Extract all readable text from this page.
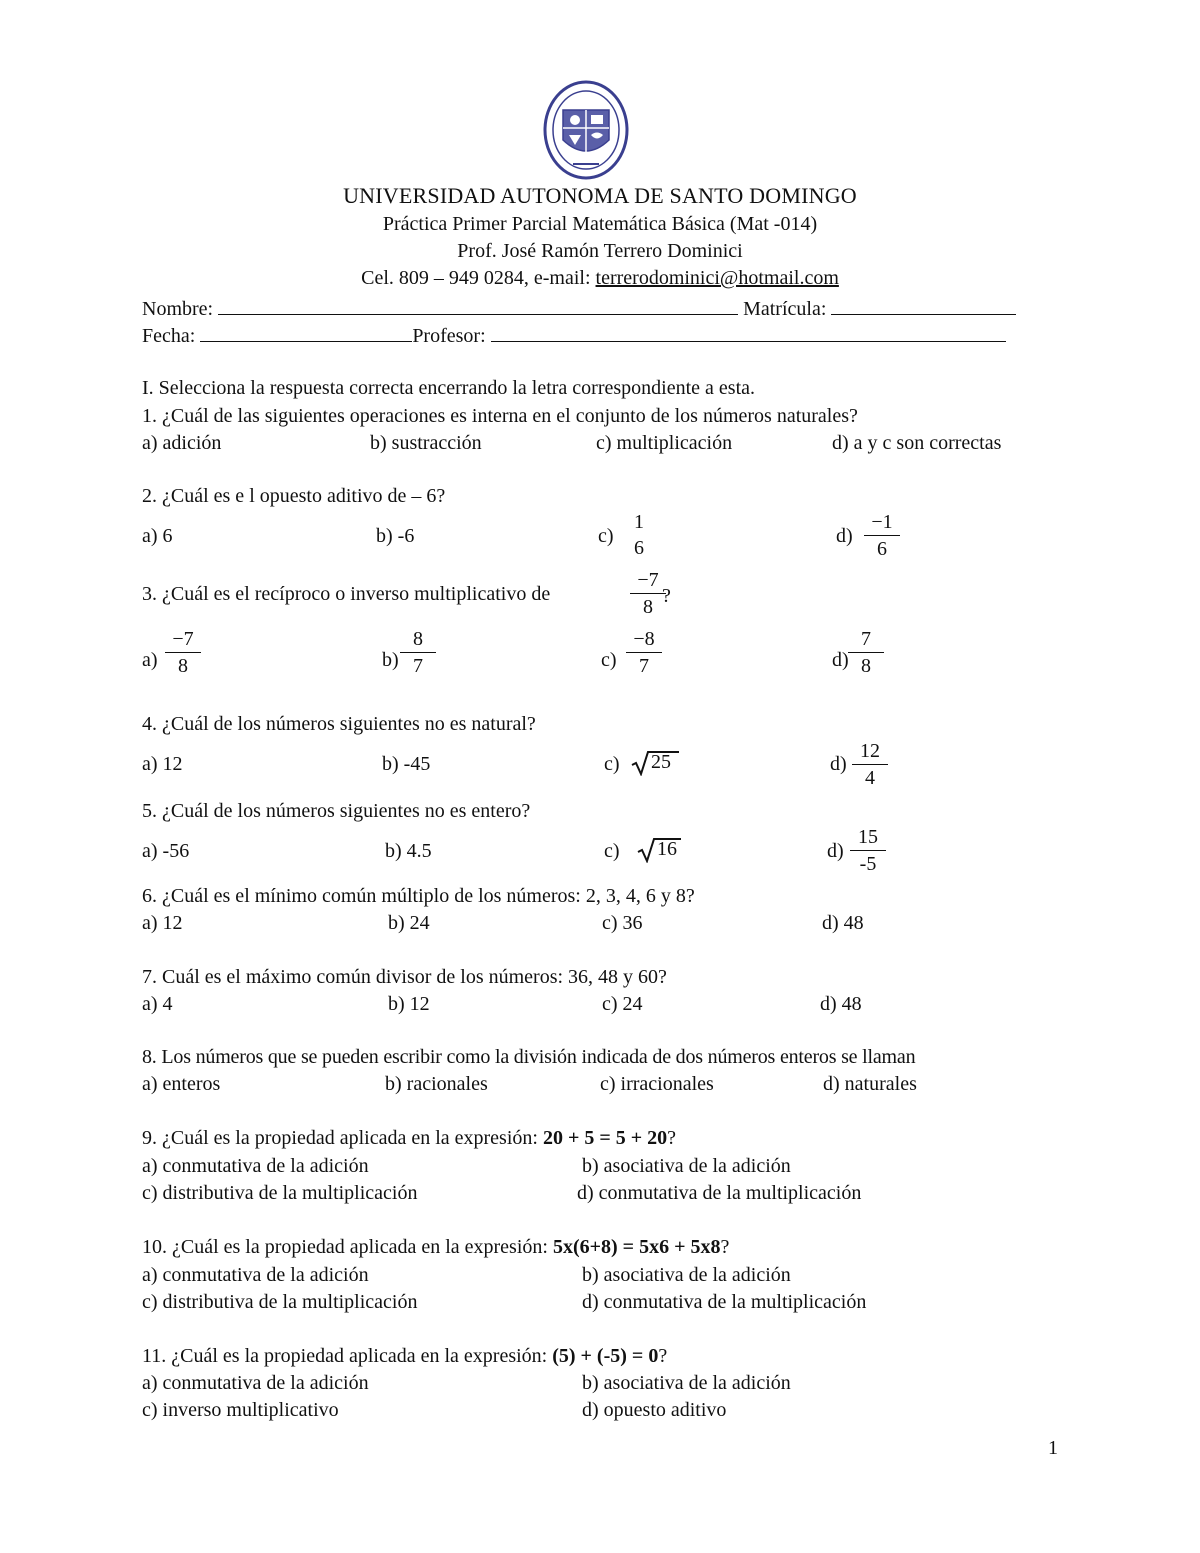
UNIVERSIDAD AUTONOMA DE SANTO DOMINGO
Práctica Primer Parcial Matemática Básica (Mat -014)
Prof. José Ramón Terrero Dominici
Cel. 809 – 949 0284, e-mail: terrerodominici@hotmail.com
Nombre:	Matrícula:
Fecha:	Profesor:
I. Selecciona la respuesta correcta encerrando la letra correspondiente a esta.
1. ¿Cuál de las siguientes operaciones es interna en el conjunto de los números naturales?
a) adición	b) sustracción	c) multiplicación	d) a y c son correctas
2. ¿Cuál es e l opuesto aditivo de – 6?
a) 6	b) -6	c)
1
6
d)
−1
6
3. ¿Cuál es el recíproco o inverso multiplicativo de
−7
8 ?
a)
−7
8	b)
8
7	c)
−8
7	d)
7
8
4. ¿Cuál de los números siguientes no es natural?
a) 12	b) -45	c) 25	d)
12
4
5. ¿Cuál de los números siguientes no es entero?
a) -56	b) 4.5	c) 16	d)
15
-5
6. ¿Cuál es el mínimo común múltiplo de los números: 2, 3, 4, 6 y 8?
a) 12	b) 24	c) 36	d) 48
7. Cuál es el máximo común divisor de los números: 36, 48 y 60?
a) 4	b) 12	c) 24	d) 48
8. Los números que se pueden escribir como la división indicada de dos números enteros se llaman
a) enteros	b) racionales	c) irracionales	d) naturales
9. ¿Cuál es la propiedad aplicada en la expresión: 20 + 5 = 5 + 20?
a) conmutativa de la adición	b) asociativa de la adición
c) distributiva de la multiplicación	d) conmutativa de la multiplicación
10. ¿Cuál es la propiedad aplicada en la expresión: 5x(6+8) = 5x6 + 5x8?
a) conmutativa de la adición	b) asociativa de la adición
c) distributiva de la multiplicación	d) conmutativa de la multiplicación
11. ¿Cuál es la propiedad aplicada en la expresión: (5) + (-5) = 0?
a) conmutativa de la adición	b) asociativa de la adición
c) inverso multiplicativo	d) opuesto aditivo
1
